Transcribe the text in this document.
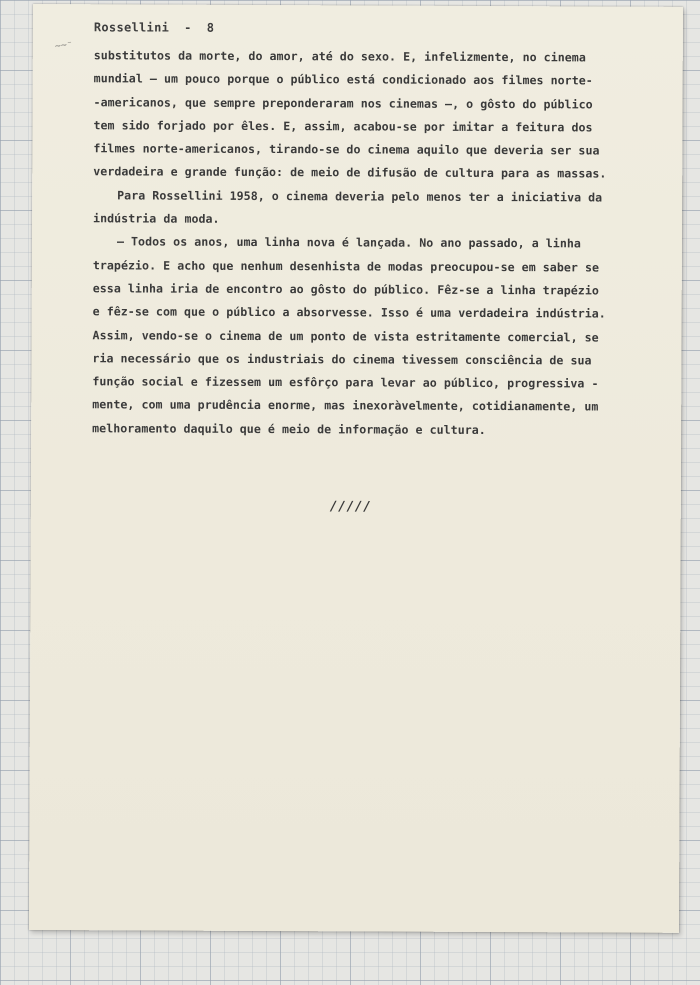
Rossellini  -  8
~~⁻
substitutos da morte, do amor, até do sexo. E, infelizmente, no cinema
mundial — um pouco porque o público está condicionado aos filmes norte-
-americanos, que sempre preponderaram nos cinemas —, o gôsto do público
tem sido forjado por êles. E, assim, acabou-se por imitar a feitura dos
filmes norte-americanos, tirando-se do cinema aquilo que deveria ser sua
verdadeira e grande função: de meio de difusão de cultura para as massas.
Para Rossellini 1958, o cinema deveria pelo menos ter a iniciativa da
indústria da moda.
— Todos os anos, uma linha nova é lançada. No ano passado, a linha
trapézio. E acho que nenhum desenhista de modas preocupou-se em saber se
essa linha iria de encontro ao gôsto do público. Fêz-se a linha trapézio
e fêz-se com que o público a absorvesse. Isso é uma verdadeira indústria.
Assim, vendo-se o cinema de um ponto de vista estritamente comercial, se
ria necessário que os industriais do cinema tivessem consciência de sua
função social e fizessem um esfôrço para levar ao público, progressiva -
mente, com uma prudência enorme, mas inexoràvelmente, cotidianamente, um
melhoramento daquilo que é meio de informação e cultura.
/////
